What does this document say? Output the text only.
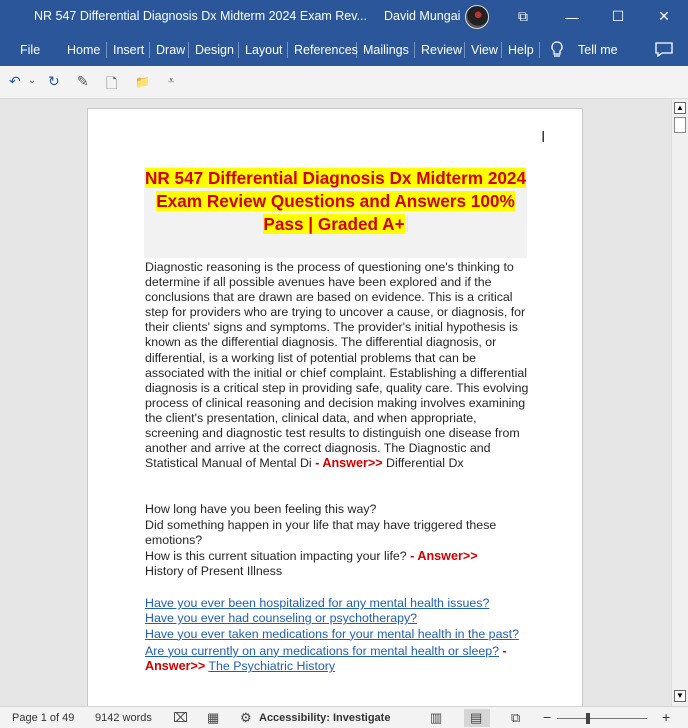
NR 547 Differential Diagnosis Dx Midterm 2024 Exam Rev... David Mungai	⧉	—	☐	✕
File Home Insert Draw Design Layout References Mailings Review View Help	Tell me
↶ ⌄ ↻ ✎ 🗋 📁 ⩡
I
NR 547 Differential Diagnosis Dx Midterm 2024 Exam Review Questions and Answers 100% Pass | Graded A+
Diagnostic reasoning is the process of questioning one's thinking to determine if all possible avenues have been explored and if the conclusions that are drawn are based on evidence. This is a critical step for providers who are trying to uncover a cause, or diagnosis, for their clients' signs and symptoms. The provider's initial hypothesis is known as the differential diagnosis. The differential diagnosis, or differential, is a working list of potential problems that can be associated with the initial or chief complaint. Establishing a differential diagnosis is a critical step in providing safe, quality care. This evolving process of clinical reasoning and decision making involves examining the client's presentation, clinical data, and when appropriate, screening and diagnostic test results to distinguish one disease from another and arrive at the correct diagnosis. The Diagnostic and Statistical Manual of Mental Di - Answer>> Differential Dx
How long have you been feeling this way?
Did something happen in your life that may have triggered these emotions?
How is this current situation impacting your life? - Answer>>
History of Present Illness
Have you ever been hospitalized for any mental health issues?
Have you ever had counseling or psychotherapy?
Have you ever taken medications for your mental health in the past?
Are you currently on any medications for mental health or sleep? -
Answer>> The Psychiatric History
▲
▼
Page 1 of 49 9142 words ⌧ ▦ ⚙ Accessibility: Investigate	▥ ▤ ⧉ −	+
